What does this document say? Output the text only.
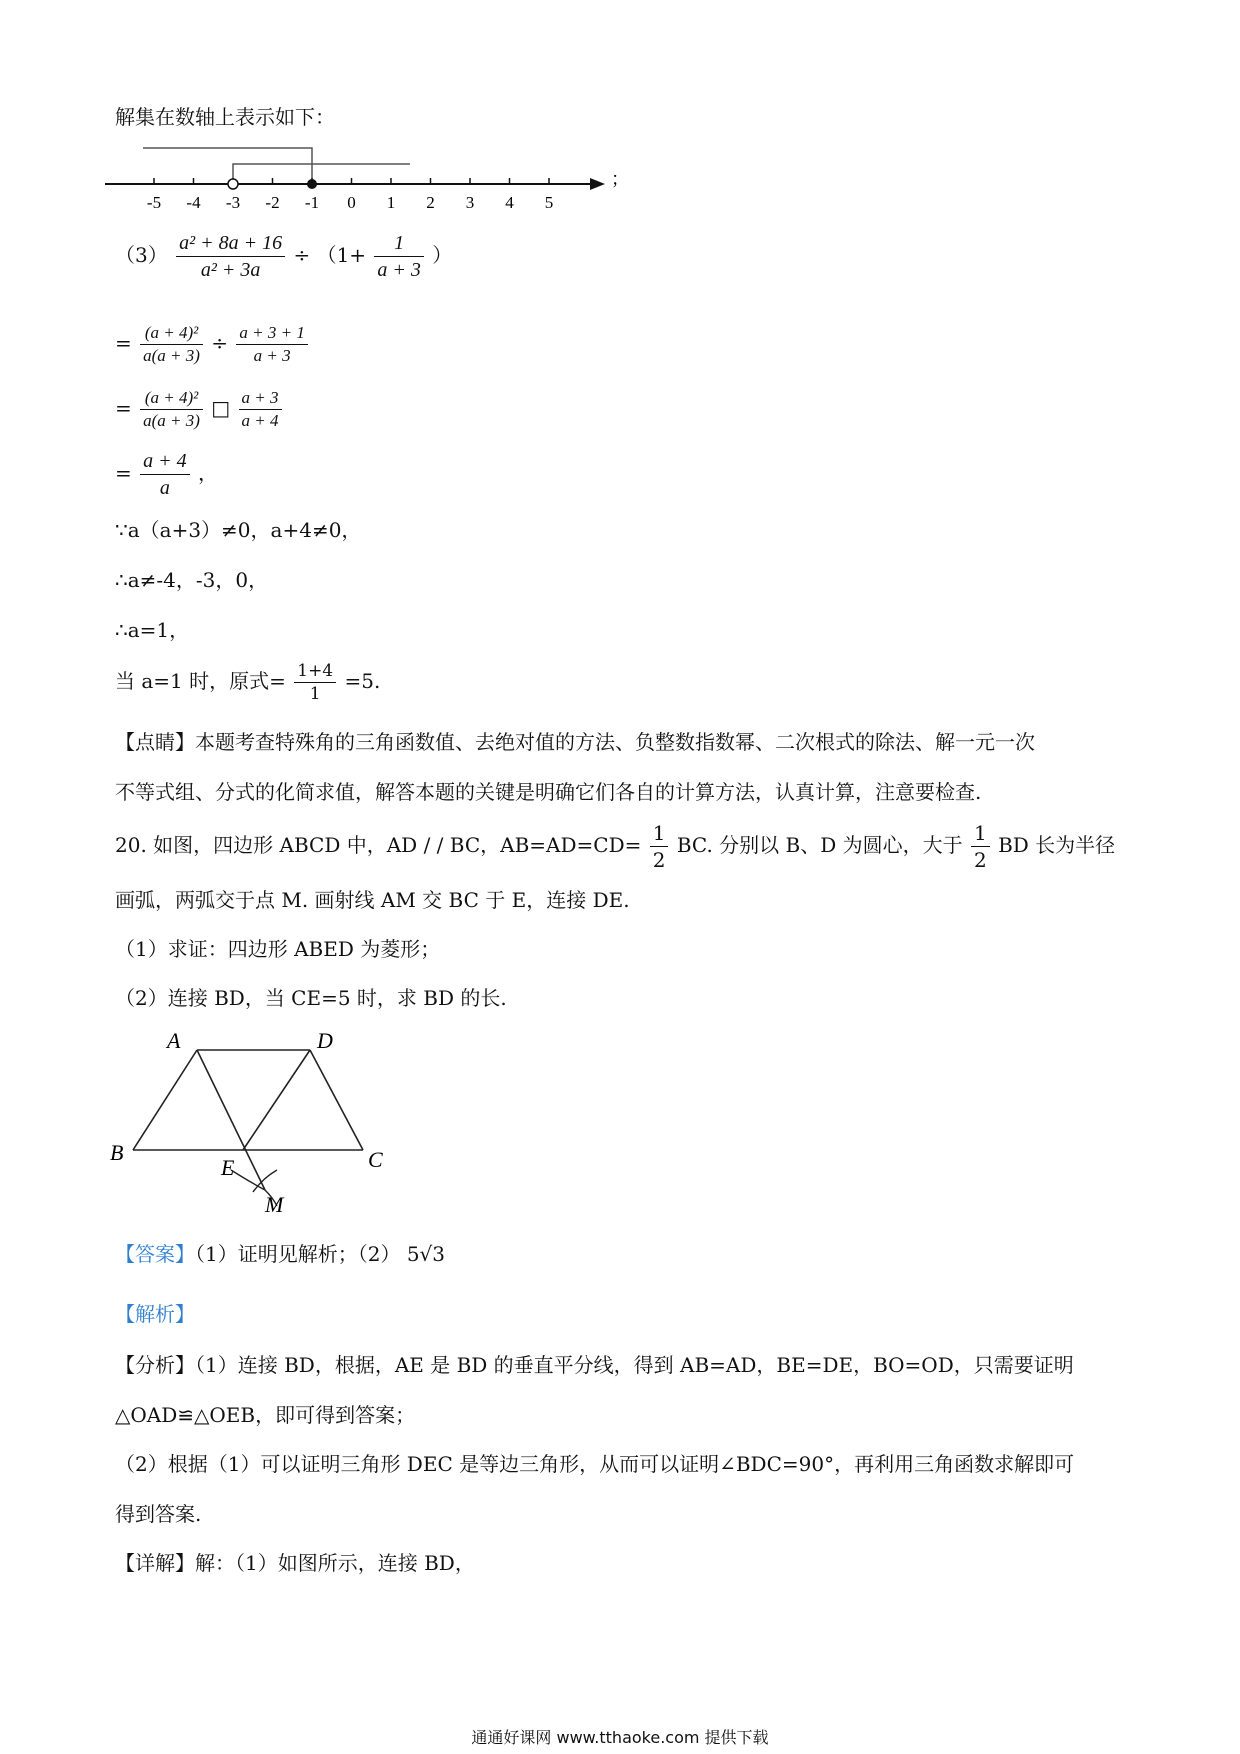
解集在数轴上表示如下：
-5 -4 -3 -2 -1 0 1 2 3 4 5
；
$(3) \frac{\text{a² + 8a + 16}}{\text{a² + 3a}} \div (1+ \frac{1}{a + 3}$ ）
= $\frac{\text{(a + 4)²}}{a(a + 3)} \div \frac{a + 3 + 1}{a + 3}$
= $\frac{\text{(a + 4)²}}{a(a + 3)}$ □ $\frac{a + 3}{a + 4}$
= $\frac{a + 4}{a}$ ，
∵a（a+3）≠0，a+4≠0，
∴a≠-4，-3，0，
∴a=1，
当 a=1 时，原式= $\frac{1+4}{1} =5$.
【点睛】本题考查特殊角的三角函数值、去绝对值的方法、负整数指数幂、二次根式的除法、解一元一次
不等式组、分式的化简求值，解答本题的关键是明确它们各自的计算方法，认真计算，注意要检查.
20. 如图，四边形 ABCD 中，AD / / BC，$AB=AD=CD= \frac{1}{2}$ BC. 分别以 B、D 为圆心，大于 $\frac{1}{2}$ BD 长为半径
画弧，两弧交于点 M. 画射线 AM 交 BC 于 E，连接 DE.
（1）求证：四边形 ABED 为菱形；
（2）连接 BD，当 CE=5 时，求 BD 的长.
A	D
B
E	C
M
【答案】（1）证明见解析；（2） 5√3
【解析】
【分析】（1）连接 BD，根据，AE 是 BD 的垂直平分线，得到 AB=AD，BE=DE，BO=OD，只需要证明
△OAD≌△OEB，即可得到答案；
（2）根据（1）可以证明三角形 DEC 是等边三角形，从而可以证明∠BDC=90°，再利用三角函数求解即可
得到答案.
【详解】解：（1）如图所示，连接 BD，
通通好课网 www.tthaoke.com 提供下载
